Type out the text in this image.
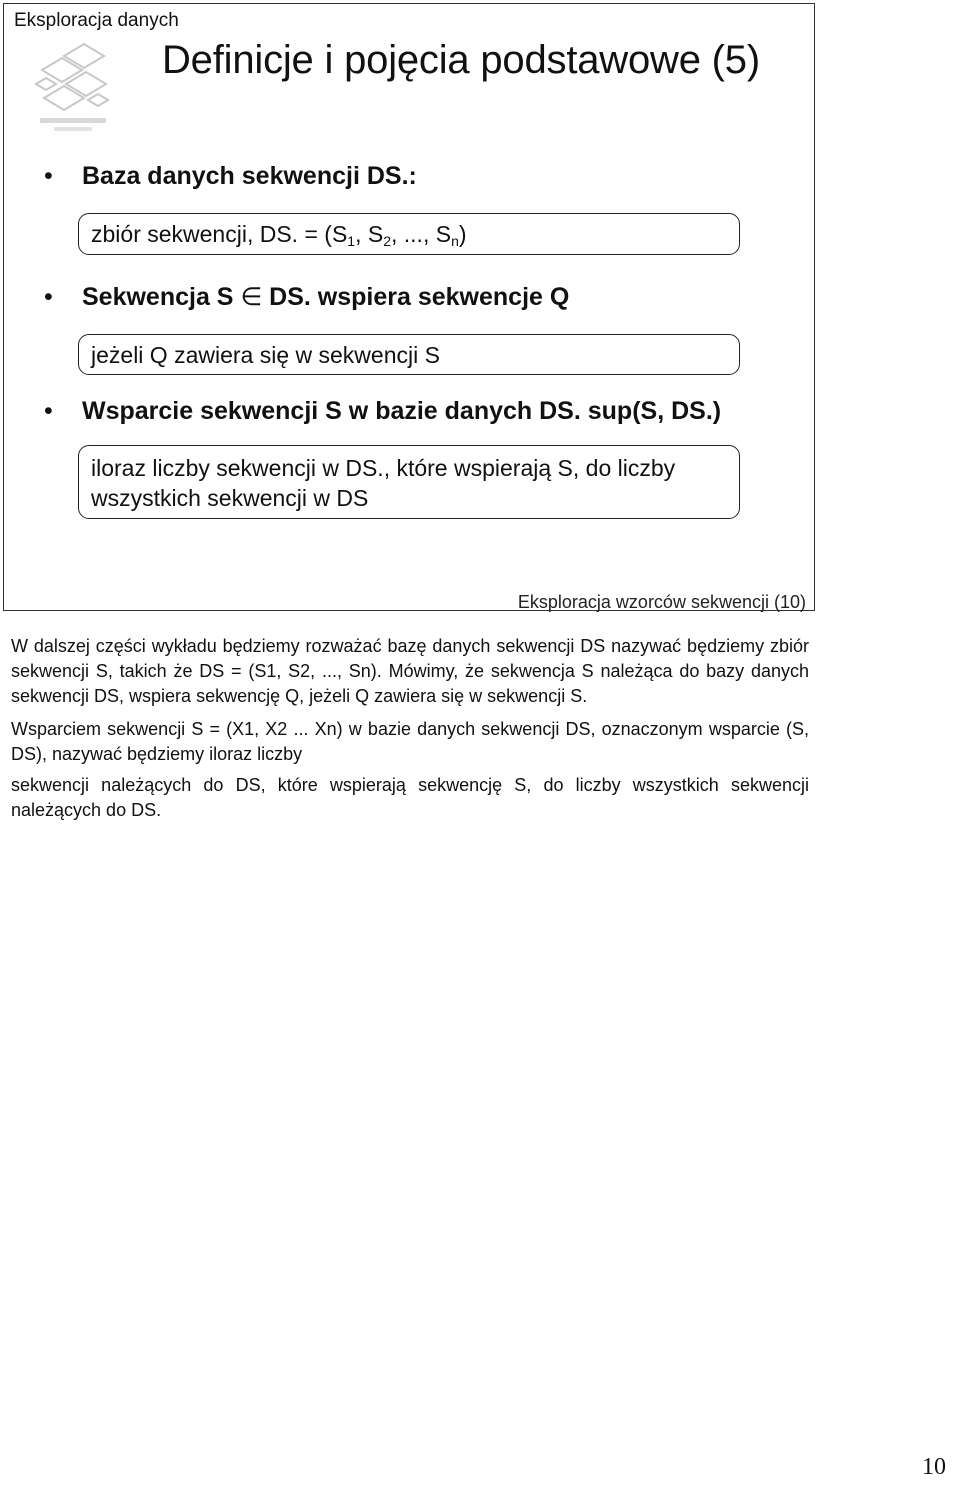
Eksploracja danych
Definicje i pojęcia podstawowe (5)
• Baza danych sekwencji DS.:
zbiór sekwencji, DS. = ($S_1$, $S_2$, ..., $S_n$)
• Sekwencja S ∈ DS. wspiera sekwencje Q
jeżeli Q zawiera się w sekwencji S
• Wsparcie sekwencji S w bazie danych DS. sup(S, DS.)
iloraz liczby sekwencji w DS., które wspierają S, do liczby
wszystkich sekwencji w DS
Eksploracja wzorców sekwencji (10)

W dalszej części wykładu będziemy rozważać bazę danych sekwencji DS nazywać będziemy zbiór sekwencji S, takich że DS = (S1, S2, ..., Sn). Mówimy, że sekwencja S należąca do bazy danych sekwencji DS, wspiera sekwencję Q, jeżeli Q zawiera się w sekwencji S.

Wsparciem sekwencji S = (X1, X2 ... Xn) w bazie danych sekwencji DS, oznaczonym wsparcie (S, DS), nazywać będziemy iloraz liczby

sekwencji należących do DS, które wspierają sekwencję S, do liczby wszystkich sekwencji należących do DS.

10
